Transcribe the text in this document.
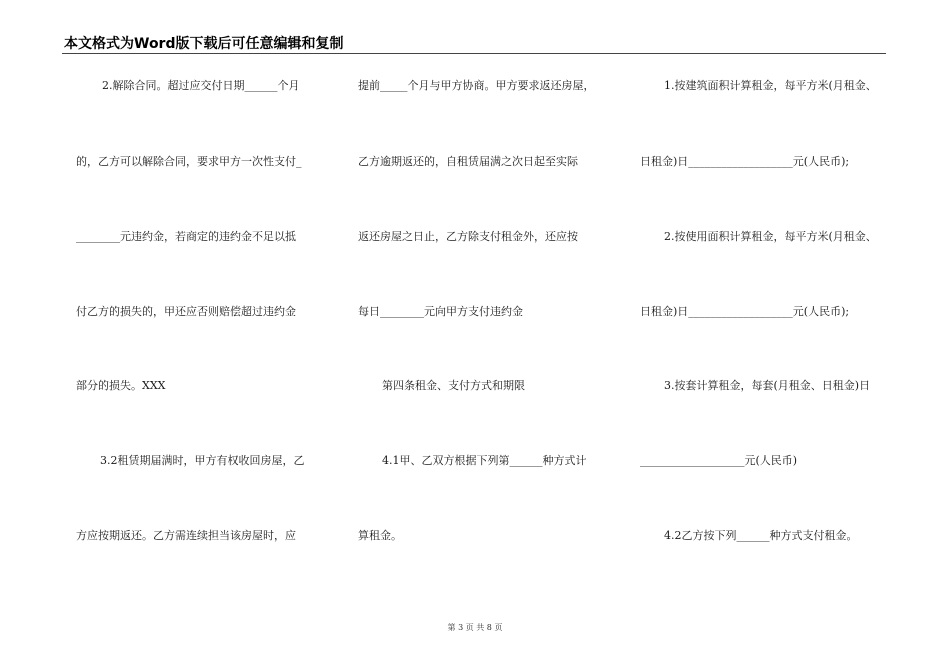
本文格式为Word版下载后可任意编辑和复制
2.解除合同。超过应交付日期______个月
的，乙方可以解除合同，要求甲方一次性支付_
________元违约金，若商定的违约金不足以抵
付乙方的损失的，甲还应否则赔偿超过违约金
部分的损失。XXX
3.2租赁期届满时，甲方有权收回房屋，乙
方应按期返还。乙方需连续担当该房屋时，应
提前_____个月与甲方协商。甲方要求返还房屋，
乙方逾期返还的，自租赁届满之次日起至实际
返还房屋之日止，乙方除支付租金外，还应按
每日________元向甲方支付违约金
第四条租金、支付方式和期限
4.1甲、乙双方根据下列第______种方式计
算租金。
1.按建筑面积计算租金，每平方米(月租金、
日租金)日___________________元(人民币);
2.按使用面积计算租金，每平方米(月租金、
日租金)日___________________元(人民币);
3.按套计算租金，每套(月租金、日租金)日
___________________元(人民币)
4.2乙方按下列______种方式支付租金。
第 3 页 共 8 页
